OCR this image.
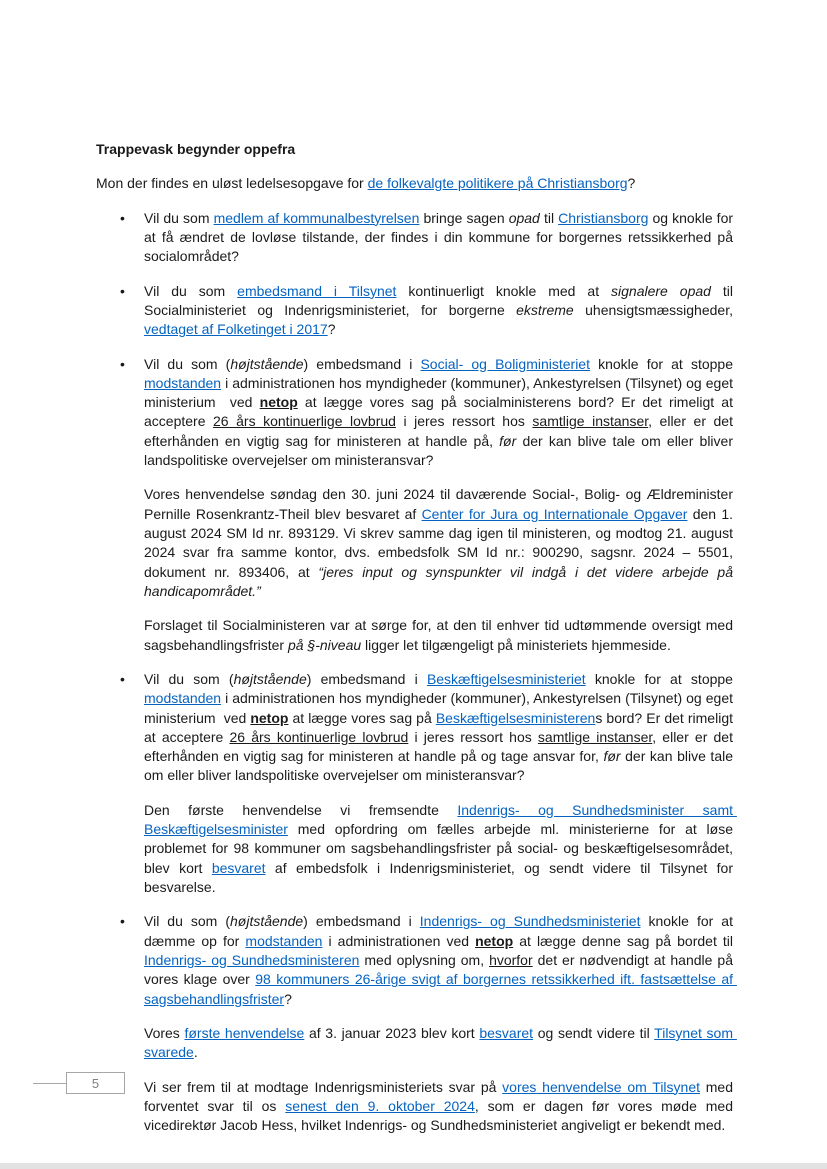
Trappevask begynder oppefra

Mon der findes en uløst ledelsesopgave for de folkevalgte politikere på Christiansborg?

•	Vil du som medlem af kommunalbestyrelsen bringe sagen opad til Christiansborg og knokle for at få ændret de lovløse tilstande, der findes i din kommune for borgernes retssikkerhed på socialområdet?
•	Vil du som embedsmand i Tilsynet kontinuerligt knokle med at signalere opad til Socialministeriet og Indenrigsministeriet, for borgerne ekstreme uhensigtsmæssigheder, vedtaget af Folketinget i 2017?
•	Vil du som (højtstående) embedsmand i Social- og Boligministeriet knokle for at stoppe modstanden i administrationen hos myndigheder (kommuner), Ankestyrelsen (Tilsynet) og eget ministerium  ved netop at lægge vores sag på socialministerens bord? Er det rimeligt at acceptere 26 års kontinuerlige lovbrud i jeres ressort hos samtlige instanser, eller er det efterhånden en vigtig sag for ministeren at handle på, før der kan blive tale om eller bliver landspolitiske overvejelser om ministeransvar?

Vores henvendelse søndag den 30. juni 2024 til daværende Social-, Bolig- og Ældreminister Pernille Rosenkrantz-Theil blev besvaret af Center for Jura og Internationale Opgaver den 1. august 2024 SM Id nr. 893129. Vi skrev samme dag igen til ministeren, og modtog 21. august 2024 svar fra samme kontor, dvs. embedsfolk SM Id nr.: 900290, sagsnr. 2024 – 5501, dokument nr. 893406, at “jeres input og synspunkter vil indgå i det videre arbejde på handicapområdet.”

Forslaget til Socialministeren var at sørge for, at den til enhver tid udtømmende oversigt med sagsbehandlingsfrister på §-niveau ligger let tilgængeligt på ministeriets hjemmeside.

•	Vil du som (højtstående) embedsmand i Beskæftigelsesministeriet knokle for at stoppe modstanden i administrationen hos myndigheder (kommuner), Ankestyrelsen (Tilsynet) og eget ministerium  ved netop at lægge vores sag på Beskæftigelsesministerens bord? Er det rimeligt at acceptere 26 års kontinuerlige lovbrud i jeres ressort hos samtlige instanser, eller er det efterhånden en vigtig sag for ministeren at handle på og tage ansvar for, før der kan blive tale om eller bliver landspolitiske overvejelser om ministeransvar?

Den første henvendelse vi fremsendte Indenrigs- og Sundhedsminister samt Beskæftigelsesminister med opfordring om fælles arbejde ml. ministerierne for at løse problemet for 98 kommuner om sagsbehandlingsfrister på social- og beskæftigelsesområdet, blev kort besvaret af embedsfolk i Indenrigsministeriet, og sendt videre til Tilsynet for besvarelse.

•	Vil du som (højtstående) embedsmand i Indenrigs- og Sundhedsministeriet knokle for at dæmme op for modstanden i administrationen ved netop at lægge denne sag på bordet til Indenrigs- og Sundhedsministeren med oplysning om, hvorfor det er nødvendigt at handle på vores klage over 98 kommuners 26-årige svigt af borgernes retssikkerhed ift. fastsættelse af sagsbehandlingsfrister?

Vores første henvendelse af 3. januar 2023 blev kort besvaret og sendt videre til Tilsynet som svarede.

Vi ser frem til at modtage Indenrigsministeriets svar på vores henvendelse om Tilsynet med forventet svar til os senest den 9. oktober 2024, som er dagen før vores møde med vicedirektør Jacob Hess, hvilket Indenrigs- og Sundhedsministeriet angiveligt er bekendt med.

5
